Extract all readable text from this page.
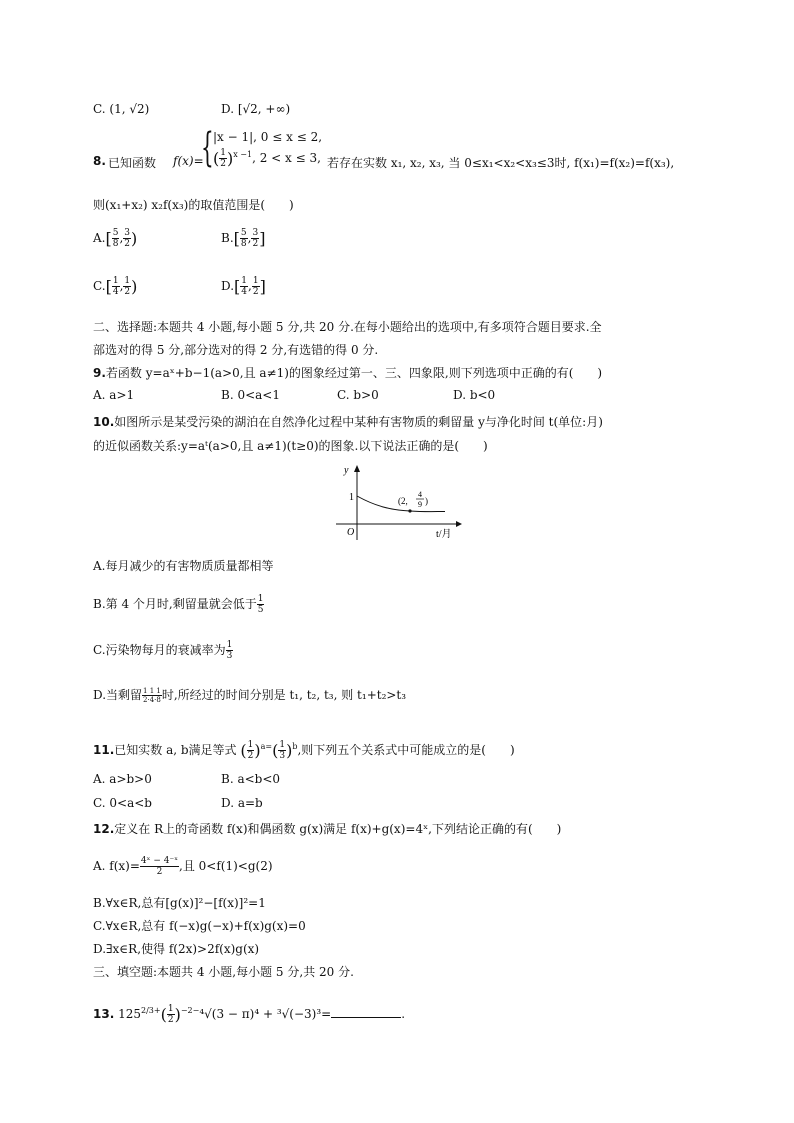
C. (1, √2)	D. [√2, +∞)
8. 已知函数 f(x)=
{ |x − 1|, 0 ≤ x ≤ 2,
( $\frac{1}{2} )^{x -1}$, 2 < x ≤ 3, 若存在实数 x₁, x₂, x₃, 当 0≤x₁<x₂<x₃≤3时, f(x₁)=f(x₂)=f(x₃),
则(x₁+x₂) x₂f(x₃)的取值范围是(　　)
$A.[ \frac{5}{8}$ , $\frac{3}{2}$ )	$B.[ \frac{5}{8}$ , $\frac{3}{2}$ ]
$C.[ \frac{1}{4}$ , $\frac{1}{2}$ )	$D.[ \frac{1}{4}$ , $\frac{1}{2}$ ]
二、选择题:本题共 4 小题,每小题 5 分,共 20 分.在每小题给出的选项中,有多项符合题目要求.全
部选对的得 5 分,部分选对的得 2 分,有选错的得 0 分.
9.若函数 y=aˣ+b−1(a>0,且 a≠1)的图象经过第一、三、四象限,则下列选项中正确的有(　　)
A. a>1	B. 0<a<1	C. b>0	D. b<0
10.如图所示是某受污染的湖泊在自然净化过程中某种有害物质的剩留量 y与净化时间 t(单位:月)
的近似函数关系:y=aᵗ(a>0,且 a≠1)(t≥0)的图象.以下说法正确的是(　　)
y
1
O	t/月
(2,
4
9 )
A.每月减少的有害物质质量都相等
B.第 4 个月时,剩留量就会低于 $\frac{1}{5}$
C.污染物每月的衰减率为 $\frac{1}{3}$
D.当剩留 $\frac{1 1 1}{2\cdot 4\cdot 8}$ 时,所经过的时间分别是 t₁, t₂, t₃, 则 t₁+t₂>t₃
11.已知实数 a, b满足等式 ( $\frac{1}{2} )^{a=}( \frac{1}{3} )^b$,则下列五个关系式中可能成立的是(　　)
A. a>b>0	B. a<b<0
C. 0<a<b	D. a=b
12.定义在 R上的奇函数 f(x)和偶函数 g(x)满足 f(x)+g(x)=4ˣ,下列结论正确的有(　　)
A. $f(x)= \frac{\text{4ˣ − 4⁻ˣ}}{2}$ ,且 0<f(1)<g(2)
B.∀x∈R,总有[g(x)]²−[f(x)]²=1
C.∀x∈R,总有 f(−x)g(−x)+f(x)g(x)=0
D.∃x∈R,使得 f(2x)>2f(x)g(x)
三、填空题:本题共 4 小题,每小题 5 分,共 20 分.
13. $125^{2/3+}( \frac{1}{2} )^{-2-}^4√(3 - \pi)^4 + ^3√(-3)^3=$	.
